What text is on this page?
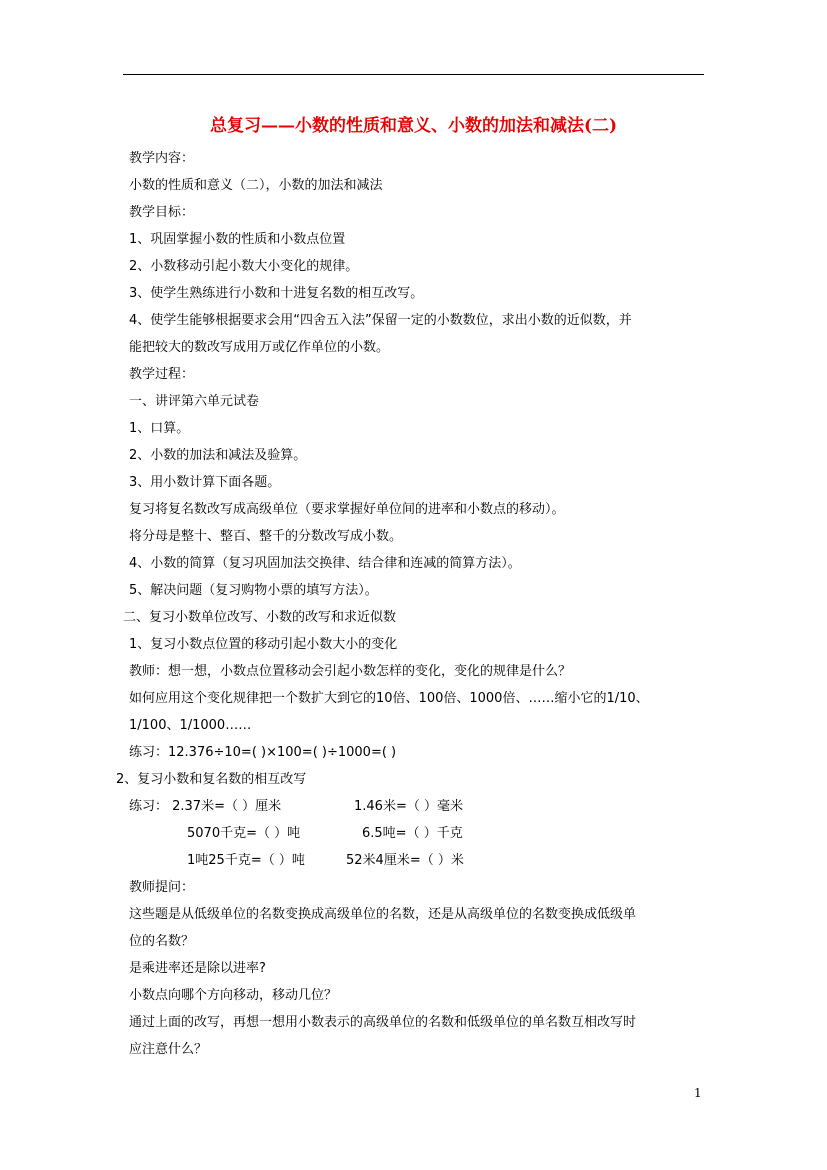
总复习——小数的性质和意义、小数的加法和减法(二)
教学内容：
小数的性质和意义（二），小数的加法和减法
教学目标：
1、巩固掌握小数的性质和小数点位置
2、小数移动引起小数大小变化的规律。
3、使学生熟练进行小数和十进复名数的相互改写。
4、使学生能够根据要求会用“四舍五入法”保留一定的小数数位，求出小数的近似数，并
能把较大的数改写成用万或亿作单位的小数。
教学过程：
一、讲评第六单元试卷
1、口算。
2、小数的加法和减法及验算。
3、用小数计算下面各题。
复习将复名数改写成高级单位（要求掌握好单位间的进率和小数点的移动）。
将分母是整十、整百、整千的分数改写成小数。
4、小数的简算（复习巩固加法交换律、结合律和连减的简算方法）。
5、解决问题（复习购物小票的填写方法）。
二、复习小数单位改写、小数的改写和求近似数
1、复习小数点位置的移动引起小数大小的变化
教师：想一想，小数点位置移动会引起小数怎样的变化，变化的规律是什么？
如何应用这个变化规律把一个数扩大到它的10倍、100倍、1000倍、……缩小它的1/10、
1/100、1/1000……
练习：12.376÷10=( )×100=( )÷1000=( )
2、复习小数和复名数的相互改写
练习： 2.37米=（ ）厘米	1.46米=（ ）毫米
5070千克=（ ）吨	6.5吨=（ ）千克
1吨25千克=（ ）吨	52米4厘米=（ ）米
教师提问：
这些题是从低级单位的名数变换成高级单位的名数，还是从高级单位的名数变换成低级单
位的名数？
是乘进率还是除以进率?
小数点向哪个方向移动，移动几位？
通过上面的改写，再想一想用小数表示的高级单位的名数和低级单位的单名数互相改写时
应注意什么？
1
